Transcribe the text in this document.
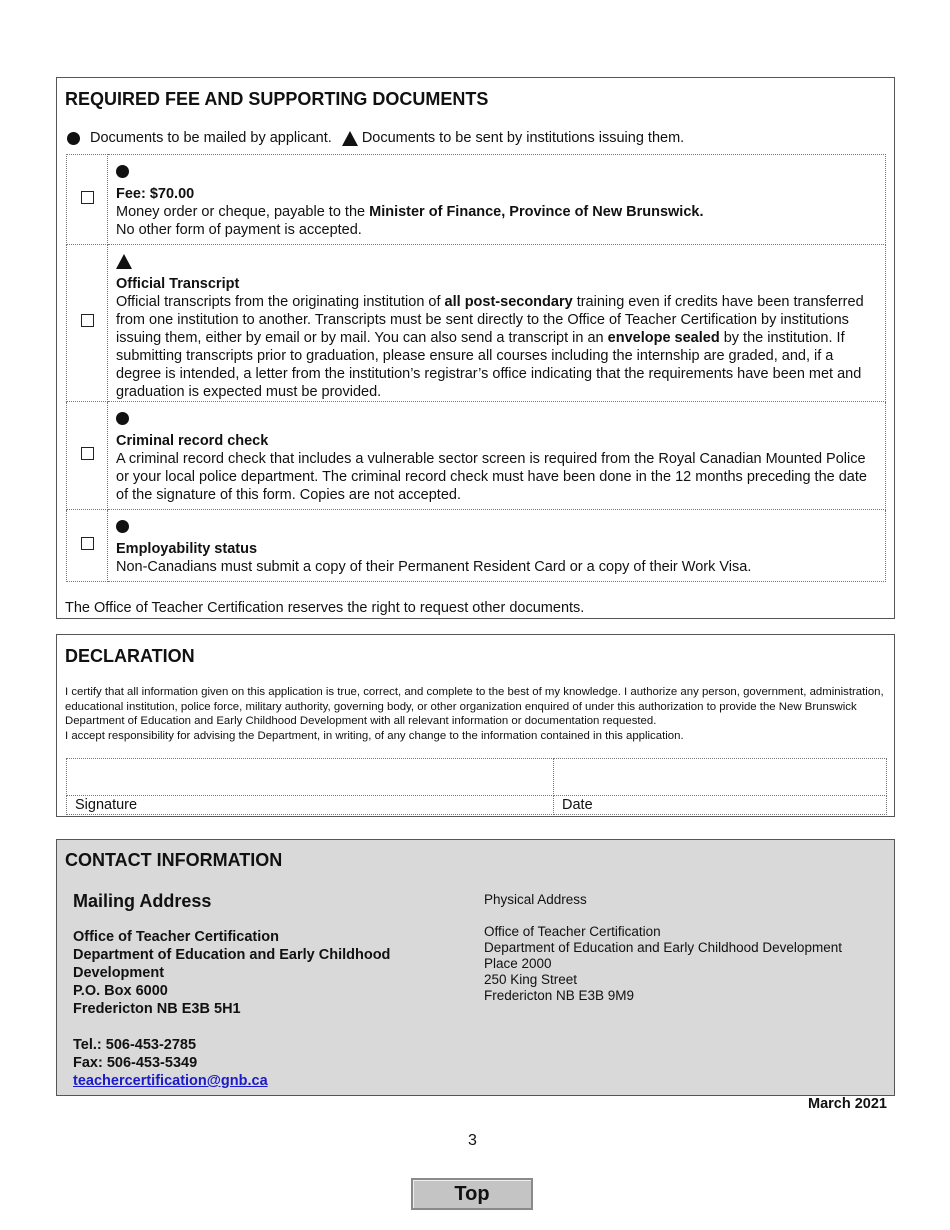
REQUIRED FEE AND SUPPORTING DOCUMENTS
Documents to be mailed by applicant. Documents to be sent by institutions issuing them.

	Fee: $70.00
Money order or cheque, payable to the Minister of Finance, Province of New Brunswick.
No other form of payment is accepted.

	Official Transcript
Official transcripts from the originating institution of all post-secondary training even if credits have been transferred from one institution to another. Transcripts must be sent directly to the Office of Teacher Certification by institutions issuing them, either by email or by mail. You can also send a transcript in an envelope sealed by the institution. If submitting transcripts prior to graduation, please ensure all courses including the internship are graded, and, if a degree is intended, a letter from the institution’s registrar’s office indicating that the requirements have been met and graduation is expected must be provided.

	Criminal record check
A criminal record check that includes a vulnerable sector screen is required from the Royal Canadian Mounted Police or your local police department. The criminal record check must have been done in the 12 months preceding the date of the signature of this form. Copies are not accepted.

	Employability status
Non-Canadians must submit a copy of their Permanent Resident Card or a copy of their Work Visa.
The Office of Teacher Certification reserves the right to request other documents.
DECLARATION
I certify that all information given on this application is true, correct, and complete to the best of my knowledge. I authorize any person, government, administration, educational institution, police force, military authority, governing body, or other organization enquired of under this authorization to provide the New Brunswick Department of Education and Early Childhood Development with all relevant information or documentation requested.
I accept responsibility for advising the Department, in writing, of any change to the information contained in this application.

Signature	Date
CONTACT INFORMATION
Mailing Address
Office of Teacher Certification
Department of Education and Early Childhood Development
P.O. Box 6000
Fredericton NB E3B 5H1
Tel.: 506-453-2785
Fax: 506-453-5349
teachercertification@gnb.ca
Physical Address
Office of Teacher Certification
Department of Education and Early Childhood Development
Place 2000
250 King Street
Fredericton NB E3B 9M9
March 2021
3
Top
